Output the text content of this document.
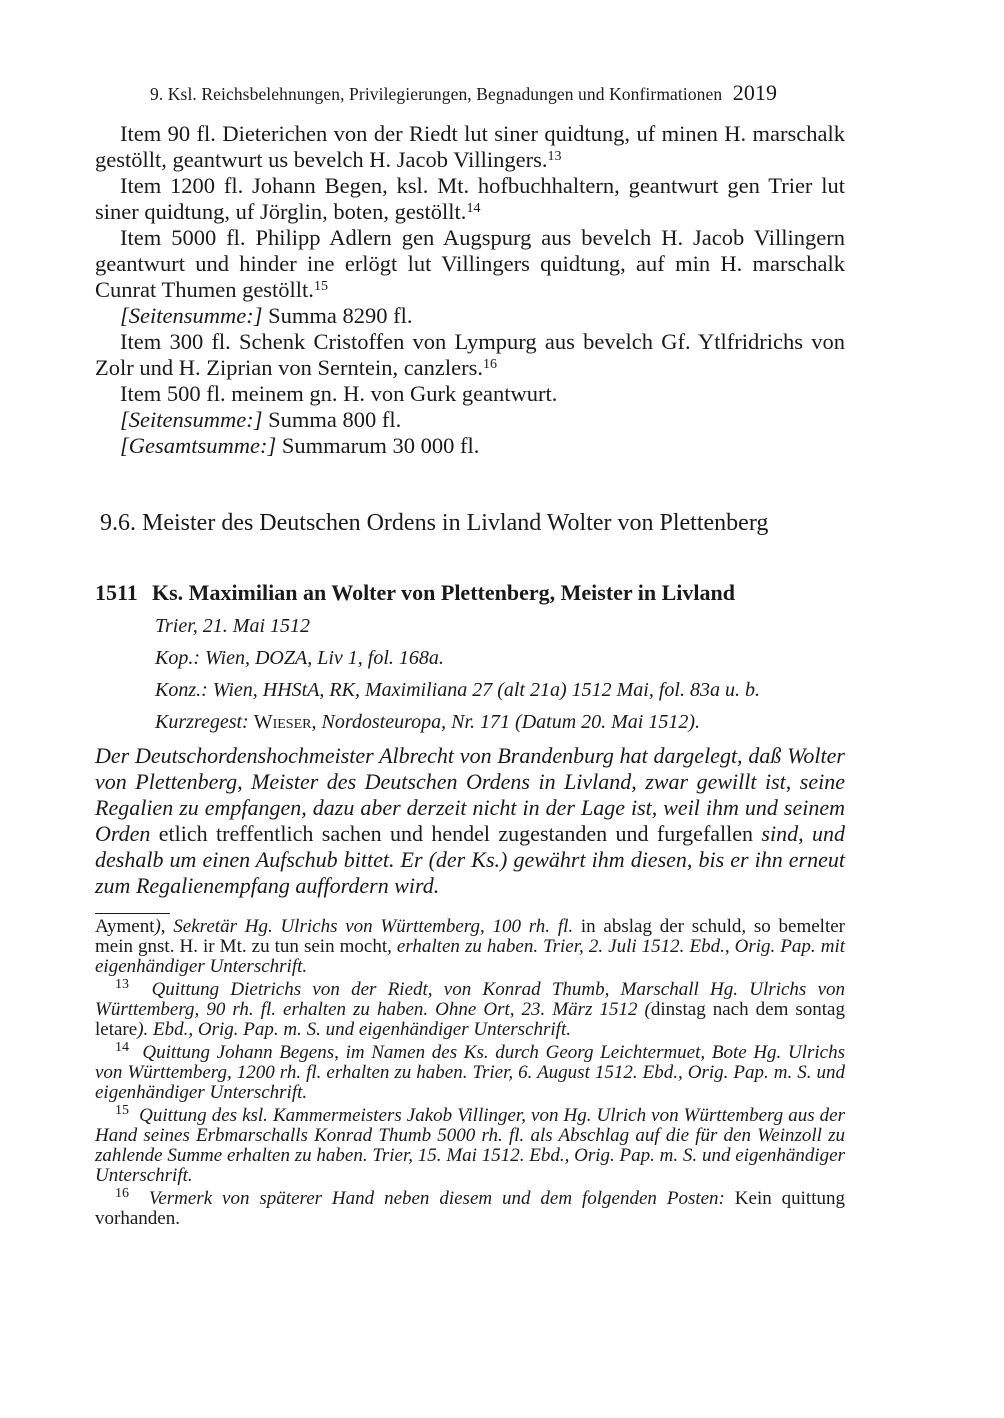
9. Ksl. Reichsbelehnungen, Privilegierungen, Begnadungen und Konfirmationen 2019

Item 90 fl. Dieterichen von der Riedt lut siner quidtung, uf minen H. marschalk gestöllt, geantwurt us bevelch H. Jacob Villingers.$^{13}$

Item 1200 fl. Johann Begen, ksl. Mt. hofbuchhaltern, geantwurt gen Trier lut siner quidtung, uf Jörglin, boten, gestöllt.$^{14}$

Item 5000 fl. Philipp Adlern gen Augspurg aus bevelch H. Jacob Villingern geantwurt und hinder ine erlögt lut Villingers quidtung, auf min H. marschalk Cunrat Thumen gestöllt.$^{15}$

[Seitensumme:] Summa 8290 fl.

Item 300 fl. Schenk Cristoffen von Lympurg aus bevelch Gf. Ytlfridrichs von Zolr und H. Ziprian von Serntein, canzlers.$^{16}$

Item 500 fl. meinem gn. H. von Gurk geantwurt.

[Seitensumme:] Summa 800 fl.

[Gesamtsumme:] Summarum 30 000 fl.

9.6. Meister des Deutschen Ordens in Livland Wolter von Plettenberg
1511 Ks. Maximilian an Wolter von Plettenberg, Meister in Livland
Trier, 21. Mai 1512
Kop.: Wien, DOZA, Liv 1, fol. 168a.
Konz.: Wien, HHStA, RK, Maximiliana 27 (alt 21a) 1512 Mai, fol. 83a u. b.
Kurzregest: Wieser, Nordosteuropa, Nr. 171 (Datum 20. Mai 1512).
Der Deutschordenshochmeister Albrecht von Brandenburg hat dargelegt, daß Wolter von Plettenberg, Meister des Deutschen Ordens in Livland, zwar gewillt ist, seine Regalien zu empfangen, dazu aber derzeit nicht in der Lage ist, weil ihm und seinem Orden etlich treffentlich sachen und hendel zugestanden und furgefallen sind, und deshalb um einen Aufschub bittet. Er (der Ks.) gewährt ihm diesen, bis er ihn erneut zum Regalienempfang auffordern wird.

Ayment), Sekretär Hg. Ulrichs von Württemberg, 100 rh. fl. in abslag der schuld, so bemelter mein gnst. H. ir Mt. zu tun sein mocht, erhalten zu haben. Trier, 2. Juli 1512. Ebd., Orig. Pap. mit eigenhändiger Unterschrift.

$^{13}$ Quittung Dietrichs von der Riedt, von Konrad Thumb, Marschall Hg. Ulrichs von Württemberg, 90 rh. fl. erhalten zu haben. Ohne Ort, 23. März 1512 (dinstag nach dem sontag letare). Ebd., Orig. Pap. m. S. und eigenhändiger Unterschrift.

$^{14}$ Quittung Johann Begens, im Namen des Ks. durch Georg Leichtermuet, Bote Hg. Ulrichs von Württemberg, 1200 rh. fl. erhalten zu haben. Trier, 6. August 1512. Ebd., Orig. Pap. m. S. und eigenhändiger Unterschrift.

$^{15}$ Quittung des ksl. Kammermeisters Jakob Villinger, von Hg. Ulrich von Württemberg aus der Hand seines Erbmarschalls Konrad Thumb 5000 rh. fl. als Abschlag auf die für den Weinzoll zu zahlende Summe erhalten zu haben. Trier, 15. Mai 1512. Ebd., Orig. Pap. m. S. und eigenhändiger Unterschrift.

$^{16}$ Vermerk von späterer Hand neben diesem und dem folgenden Posten: Kein quittung vorhanden.
